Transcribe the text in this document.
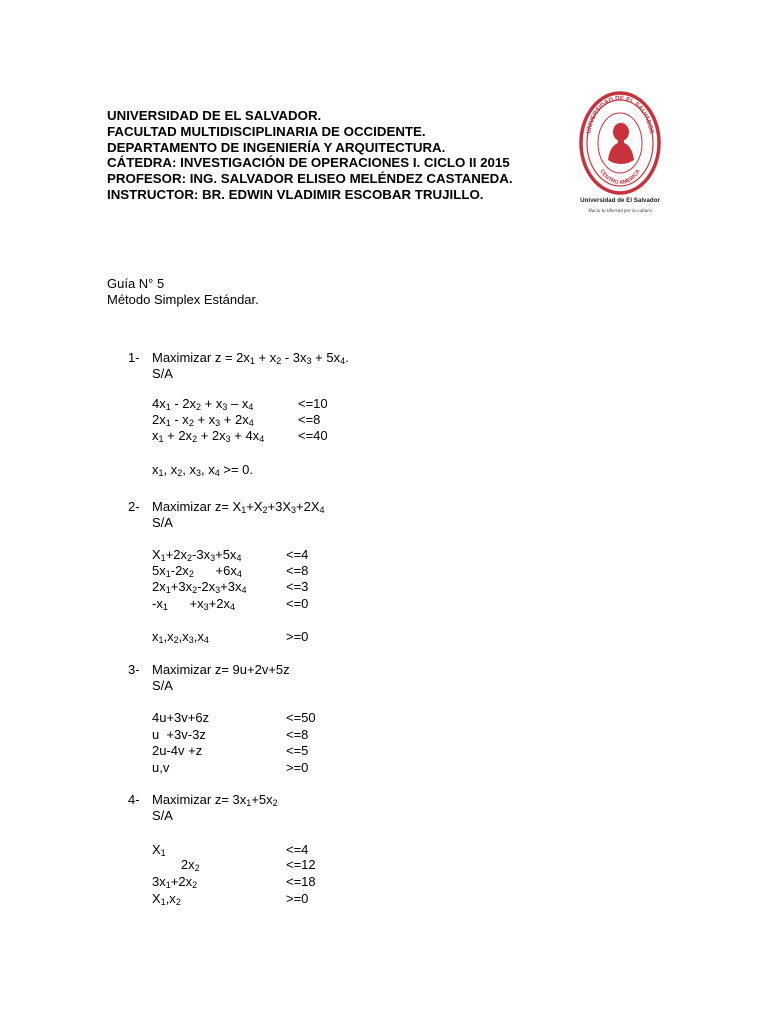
UNIVERSIDAD DE EL SALVADOR.
FACULTAD MULTIDISCIPLINARIA DE OCCIDENTE.
DEPARTAMENTO DE INGENIERÍA Y ARQUITECTURA.
CÁTEDRA: INVESTIGACIÓN DE OPERACIONES I. CICLO II 2015
PROFESOR: ING. SALVADOR ELISEO MELÉNDEZ CASTANEDA.
INSTRUCTOR: BR. EDWIN VLADIMIR ESCOBAR TRUJILLO.
UNIVERSIDAD DE EL SALVADOR
CENTRO AMERICA
Universidad de El Salvador
Hacia la libertad por la cultura
Guía N° 5
Método Simplex Estándar.
1- Maximizar $z = 2x_1 + x_2 - 3x_3 + 5x_4$.
S/A
$4x_1 - 2x_2 + x_3 - x_4$	<=10
$2x_1 - x_2 + x_3 + 2x_4$	<=8
$x_1 + 2x_2 + 2x_3 + 4x_4$	<=40
$x_1$, $x_2$, $x_3$, $x_4 >= 0$.
2- Maximizar $z= X_1+X_2+3X_3+2X_4$
S/A
$X_1+2x_2-3x_3+5x_4$	<=4
$5x_1-2x_2$      $+6x_4$	<=8
$2x_1+3x_2-2x_3+3x_4$	<=3
$-x_1$      $+x_3+2x_4$	<=0
$x_1,x_2,x_3,x_4$	>=0
3- Maximizar z= 9u+2v+5z
S/A
4u+3v+6z	<=50
u  +3v-3z	<=8
2u-4v +z	<=5
u,v	>=0
4- Maximizar $z= 3x_1+5x_2$
S/A
$X_1$	<=4
$2x_2$	<=12
$3x_1+2x_2$	<=18
$X_1,x_2$	>=0
